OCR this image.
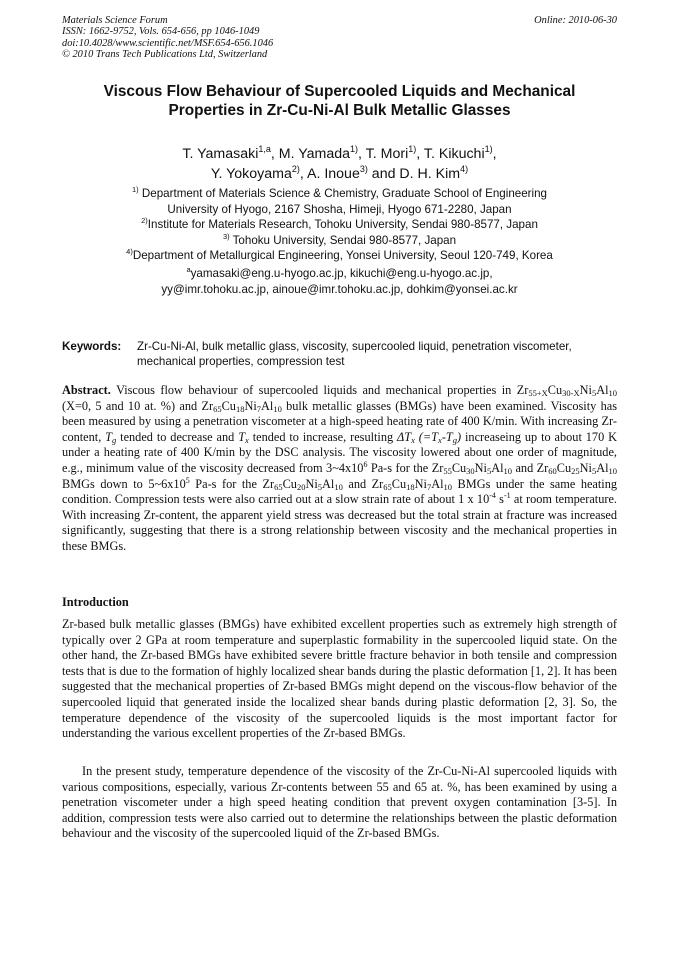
Materials Science Forum
ISSN: 1662-9752, Vols. 654-656, pp 1046-1049
doi:10.4028/www.scientific.net/MSF.654-656.1046
© 2010 Trans Tech Publications Ltd, Switzerland
Online: 2010-06-30
Viscous Flow Behaviour of Supercooled Liquids and Mechanical
Properties in Zr-Cu-Ni-Al Bulk Metallic Glasses
T. Yamasaki$^{1,a}$, M. Yamada$^{1)}$, T. Mori$^{1)}$, T. Kikuchi$^{1)}$,
Y. Yokoyama$^{2)}$, A. Inoue$^{3)}$ and D. H. Kim$^{4)}$
$^{1)}$ Department of Materials Science & Chemistry, Graduate School of Engineering
University of Hyogo, 2167 Shosha, Himeji, Hyogo 671-2280, Japan
$^{2)}$Institute for Materials Research, Tohoku University, Sendai 980-8577, Japan
$^{3)}$ Tohoku University, Sendai 980-8577, Japan
$^{4)}$Department of Metallurgical Engineering, Yonsei University, Seoul 120-749, Korea
$^a$yamasaki@eng.u-hyogo.ac.jp, kikuchi@eng.u-hyogo.ac.jp,
yy@imr.tohoku.ac.jp, ainoue@imr.tohoku.ac.jp, dohkim@yonsei.ac.kr
Keywords: Zr-Cu-Ni-Al, bulk metallic glass, viscosity, supercooled liquid, penetration viscometer, mechanical properties, compression test
Abstract. Viscous flow behaviour of supercooled liquids and mechanical properties in $Zr_{55+X}Cu_{30-X}Ni_5Al_{10}$ (X=0, 5 and 10 at. %) and $Zr_{65}Cu_{18}Ni_7Al_{10}$ bulk metallic glasses (BMGs) have been examined. Viscosity has been measured by using a penetration viscometer at a high-speed heating rate of 400 K/min. With increasing Zr-content, $T_g$ tended to decrease and $T_x$ tended to increase, resulting $\Delta T_x$ $(=T_x-T_g)$ increaseing up to about 170 K under a heating rate of 400 K/min by the DSC analysis. The viscosity lowered about one order of magnitude, e.g., minimum value of the viscosity decreased from $3\sim 4x10^6$ Pa-s for the $Zr_{55}Cu_{30}Ni_5Al_{10}$ and $Zr_{60}Cu_{25}Ni_5Al_{10}$ BMGs down to $5\sim 6x10^5$ Pa-s for the $Zr_{65}Cu_{20}Ni_5Al_{10}$ and $Zr_{65}Cu_{18}Ni_7Al_{10}$ BMGs under the same heating condition. Compression tests were also carried out at a slow strain rate of about 1 x $10^{-4}$ $s^{-1}$ at room temperature. With increasing Zr-content, the apparent yield stress was decreased but the total strain at fracture was increased significantly, suggesting that there is a strong relationship between viscosity and the mechanical properties in these BMGs.
Introduction

Zr-based bulk metallic glasses (BMGs) have exhibited excellent properties such as extremely high strength of typically over 2 GPa at room temperature and superplastic formability in the supercooled liquid state. On the other hand, the Zr-based BMGs have exhibited severe brittle fracture behavior in both tensile and compression tests that is due to the formation of highly localized shear bands during the plastic deformation [1, 2]. It has been suggested that the mechanical properties of Zr-based BMGs might depend on the viscous-flow behavior of the supercooled liquid that generated inside the localized shear bands during plastic deformation [2, 3]. So, the temperature dependence of the viscosity of the supercooled liquids is the most important factor for understanding the various excellent properties of the Zr-based BMGs.

In the present study, temperature dependence of the viscosity of the Zr-Cu-Ni-Al supercooled liquids with various compositions, especially, various Zr-contents between 55 and 65 at. %, has been examined by using a penetration viscometer under a high speed heating condition that prevent oxygen contamination [3-5]. In addition, compression tests were also carried out to determine the relationships between the plastic deformation behaviour and the viscosity of the supercooled liquid of the Zr-based BMGs.
